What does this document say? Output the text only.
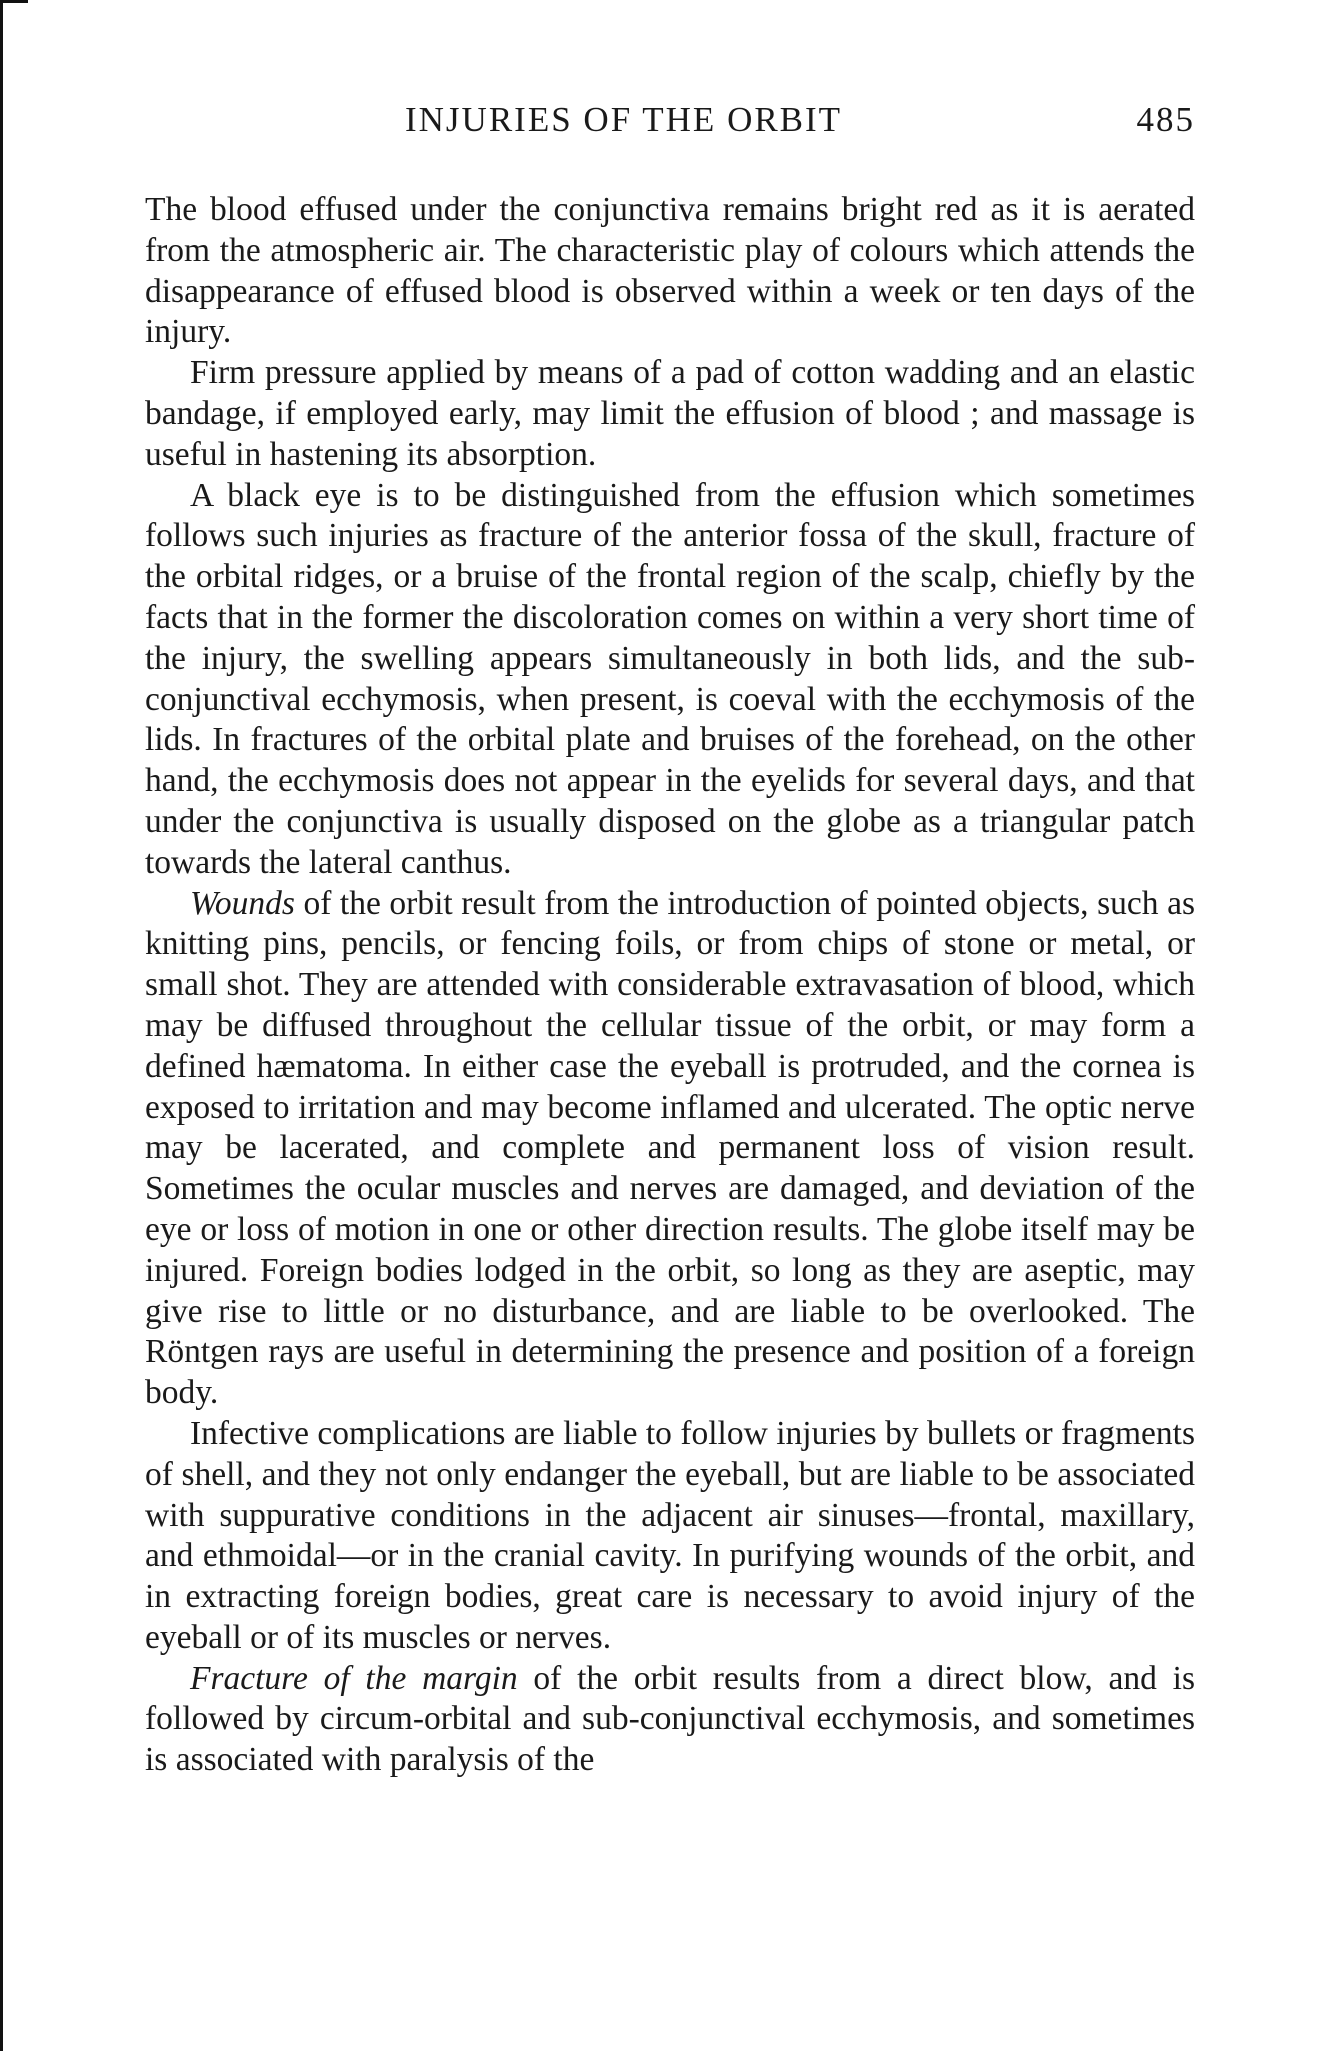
INJURIES OF THE ORBIT	485

The blood effused under the conjunctiva remains bright red as it is aerated from the atmospheric air. The characteristic play of colours which attends the disappearance of effused blood is observed within a week or ten days of the injury.

Firm pressure applied by means of a pad of cotton wadding and an elastic bandage, if employed early, may limit the effusion of blood ; and massage is useful in hastening its absorption.

A black eye is to be distinguished from the effusion which sometimes follows such injuries as fracture of the anterior fossa of the skull, fracture of the orbital ridges, or a bruise of the frontal region of the scalp, chiefly by the facts that in the former the discoloration comes on within a very short time of the injury, the swelling appears simultaneously in both lids, and the sub-conjunctival ecchymosis, when present, is coeval with the ecchymosis of the lids. In fractures of the orbital plate and bruises of the forehead, on the other hand, the ecchymosis does not appear in the eyelids for several days, and that under the conjunctiva is usually disposed on the globe as a triangular patch towards the lateral canthus.

Wounds of the orbit result from the introduction of pointed objects, such as knitting pins, pencils, or fencing foils, or from chips of stone or metal, or small shot. They are attended with considerable extravasation of blood, which may be diffused throughout the cellular tissue of the orbit, or may form a defined hæmatoma. In either case the eyeball is protruded, and the cornea is exposed to irritation and may become inflamed and ulcerated. The optic nerve may be lacerated, and complete and permanent loss of vision result. Sometimes the ocular muscles and nerves are damaged, and deviation of the eye or loss of motion in one or other direction results. The globe itself may be injured. Foreign bodies lodged in the orbit, so long as they are aseptic, may give rise to little or no disturbance, and are liable to be overlooked. The Röntgen rays are useful in determining the presence and position of a foreign body.

Infective complications are liable to follow injuries by bullets or fragments of shell, and they not only endanger the eyeball, but are liable to be associated with suppurative conditions in the adjacent air sinuses—frontal, maxillary, and ethmoidal—or in the cranial cavity. In purifying wounds of the orbit, and in extracting foreign bodies, great care is necessary to avoid injury of the eyeball or of its muscles or nerves.

Fracture of the margin of the orbit results from a direct blow, and is followed by circum-orbital and sub-conjunctival ecchymosis, and sometimes is associated with paralysis of the
